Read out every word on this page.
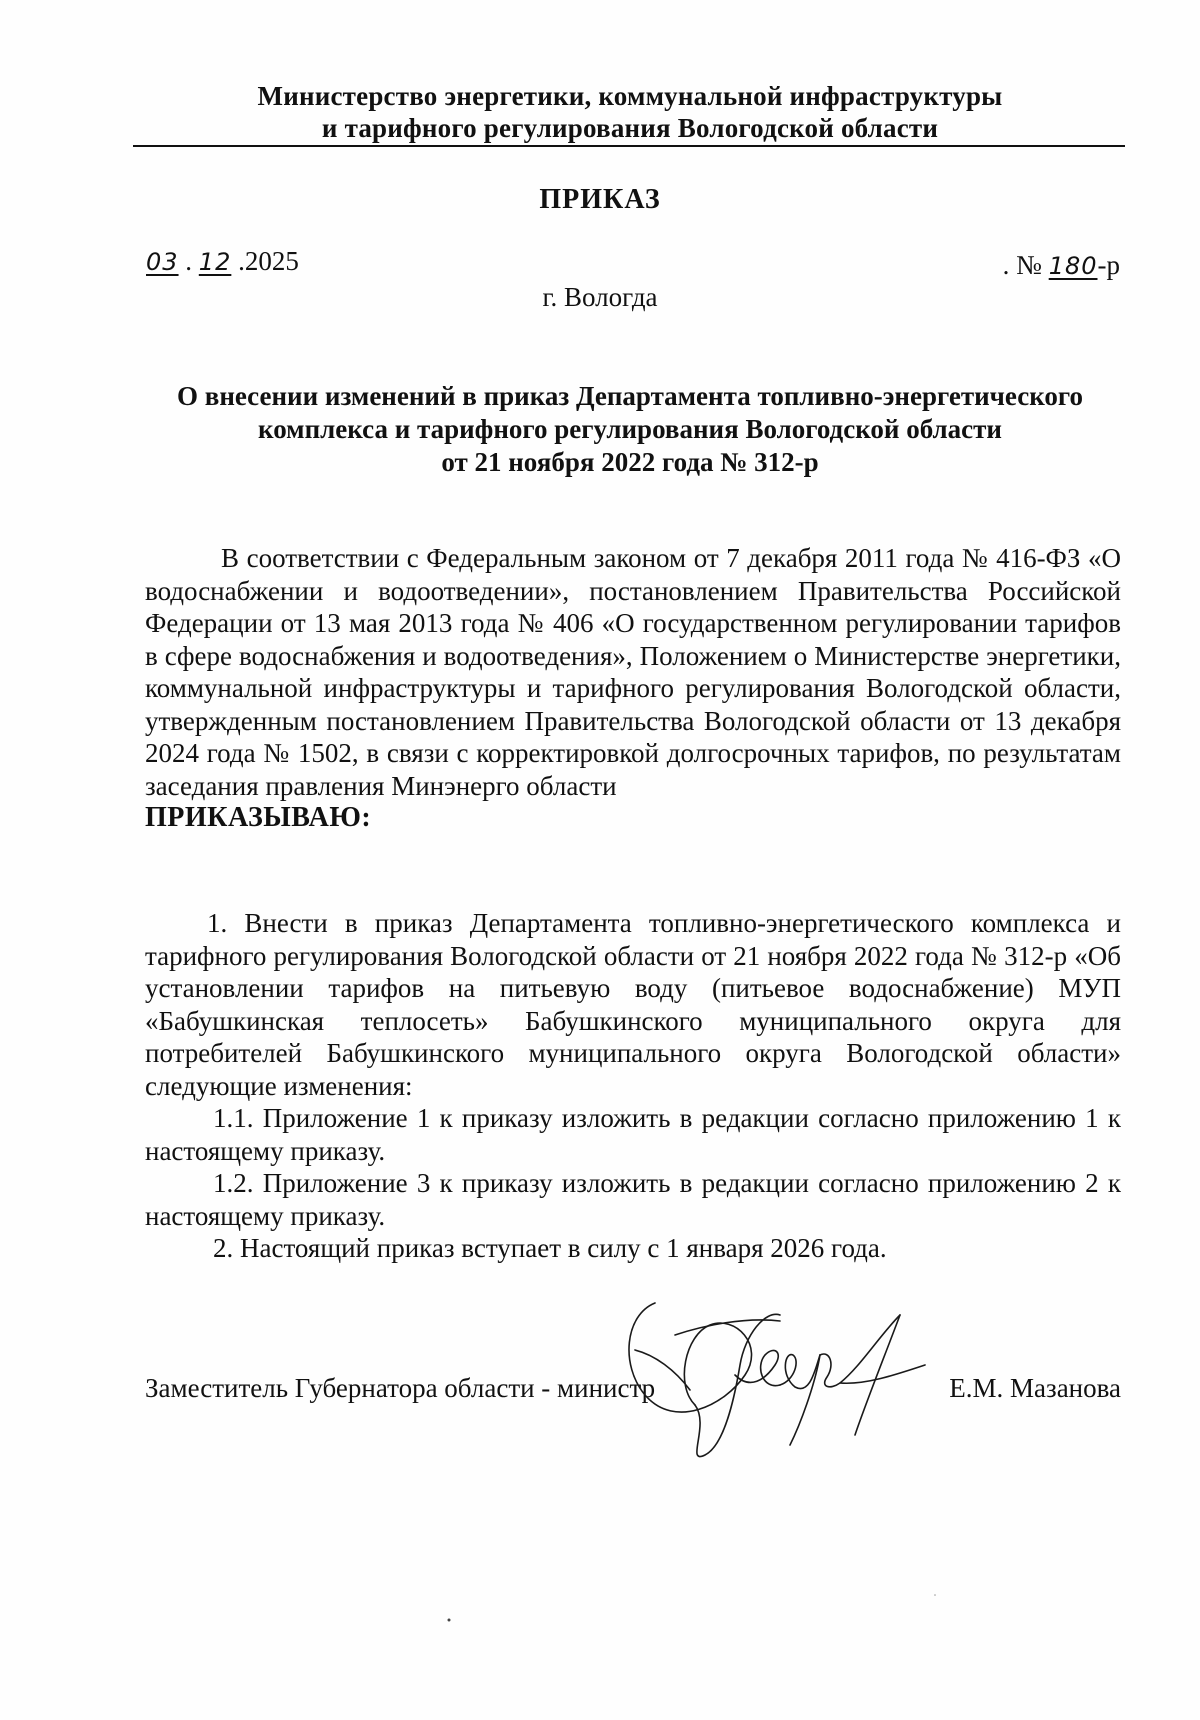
Министерство энергетики, коммунальной инфраструктуры
и тарифного регулирования Вологодской области
ПРИКАЗ
03 . 12 .2025	. № 180-р
г. Вологда
О внесении изменений в приказ Департамента топливно-энергетического
комплекса и тарифного регулирования Вологодской области
от 21 ноября 2022 года № 312-р

В соответствии с Федеральным законом от 7 декабря 2011 года № 416-ФЗ «О водоснабжении и водоотведении», постановлением Правительства Российской Федерации от 13 мая 2013 года № 406 «О государственном регулировании тарифов в сфере водоснабжения и водоотведения», Положением о Министерстве энергетики, коммунальной инфраструктуры и тарифного регулирования Вологодской области, утвержденным постановлением Правительства Вологодской области от 13 декабря 2024 года № 1502, в связи с корректировкой долгосрочных тарифов, по результатам заседания правления Минэнерго области

ПРИКАЗЫВАЮ:

1. Внести в приказ Департамента топливно-энергетического комплекса и тарифного регулирования Вологодской области от 21 ноября 2022 года № 312-р «Об установлении тарифов на питьевую воду (питьевое водоснабжение) МУП «Бабушкинская теплосеть» Бабушкинского муниципального округа для потребителей Бабушкинского муниципального округа Вологодской области» следующие изменения:

1.1. Приложение 1 к приказу изложить в редакции согласно приложению 1 к настоящему приказу.

1.2. Приложение 3 к приказу изложить в редакции согласно приложению 2 к настоящему приказу.

2. Настоящий приказ вступает в силу с 1 января 2026 года.

Заместитель Губернатора области - министр	Е.М. Мазанова
